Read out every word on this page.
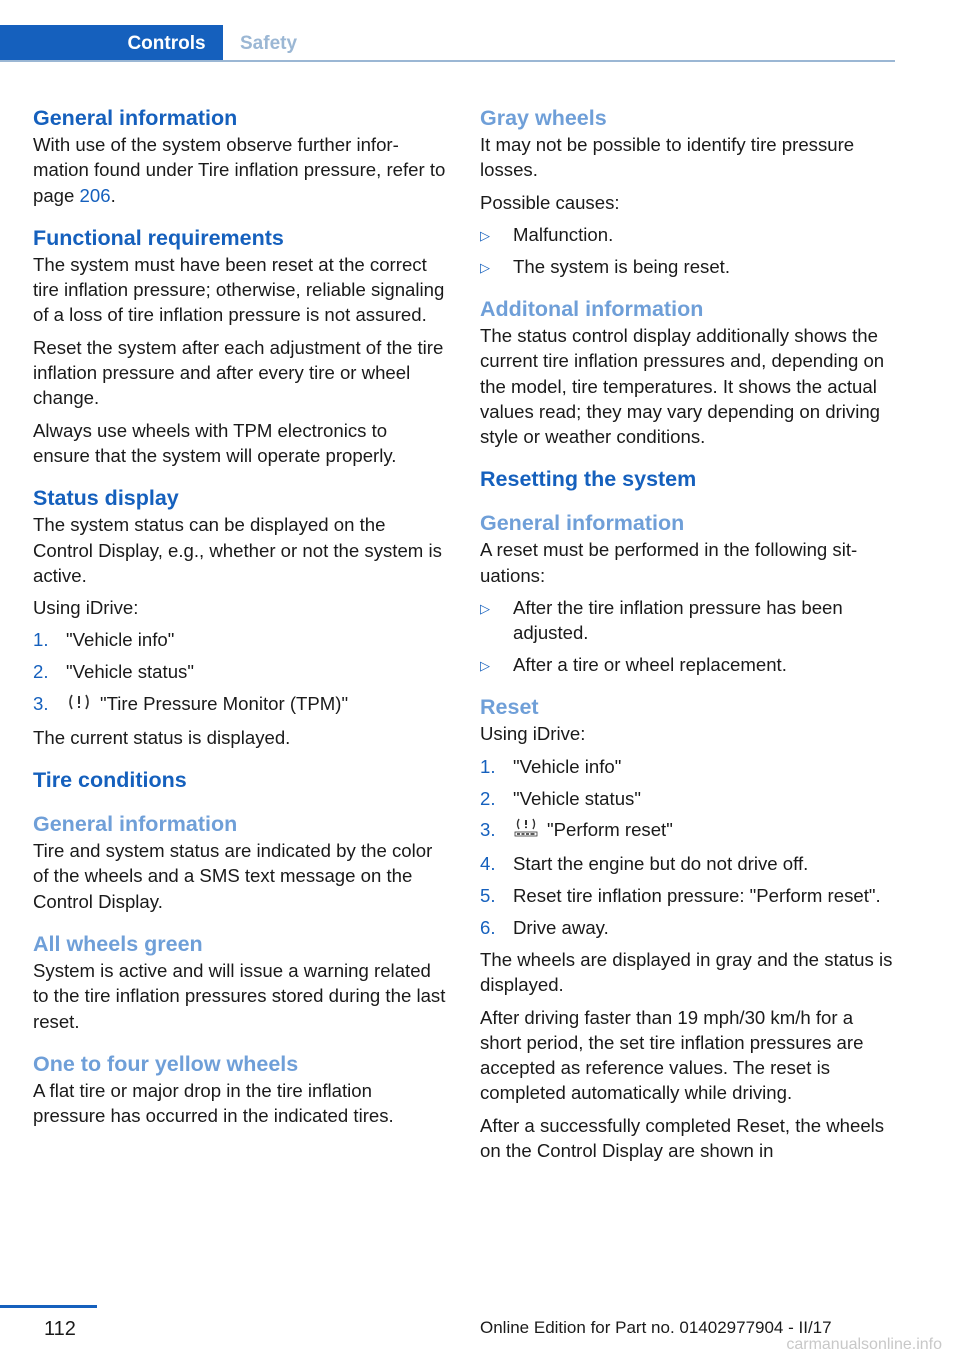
Controls	Safety
General information

With use of the system observe further information found under Tire inflation pressure, refer to page 206.

Functional requirements

The system must have been reset at the correct tire inflation pressure; otherwise, reliable signaling of a loss of tire inflation pressure is not assured.

Reset the system after each adjustment of the tire inflation pressure and after every tire or wheel change.

Always use wheels with TPM electronics to ensure that the system will operate properly.

Status display

The system status can be displayed on the Control Display, e.g., whether or not the system is active.

Using iDrive:

1. "Vehicle info"
2. "Vehicle status"
3.	"Tire Pressure Monitor (TPM)"

The current status is displayed.

Tire conditions
General information

Tire and system status are indicated by the color of the wheels and a SMS text message on the Control Display.

All wheels green

System is active and will issue a warning related to the tire inflation pressures stored during the last reset.

One to four yellow wheels

A flat tire or major drop in the tire inflation pressure has occurred in the indicated tires.

Gray wheels

It may not be possible to identify tire pressure losses.

Possible causes:

▷ Malfunction.
▷ The system is being reset.
Additonal information

The status control display additionally shows the current tire inflation pressures and, depending on the model, tire temperatures. It shows the actual values read; they may vary depending on driving style or weather conditions.

Resetting the system
General information

A reset must be performed in the following situations:

▷ After the tire inflation pressure has been adjusted.
▷ After a tire or wheel replacement.
Reset

Using iDrive:

1. "Vehicle info"
2. "Vehicle status"
3.	"Perform reset"
4. Start the engine but do not drive off.
5. Reset tire inflation pressure: "Perform reset".
6. Drive away.

The wheels are displayed in gray and the status is displayed.

After driving faster than 19 mph/30 km/h for a short period, the set tire inflation pressures are accepted as reference values. The reset is completed automatically while driving.

After a successfully completed Reset, the wheels on the Control Display are shown in

112	Online Edition for Part no. 01402977904 - II/17
carmanualsonline.info
